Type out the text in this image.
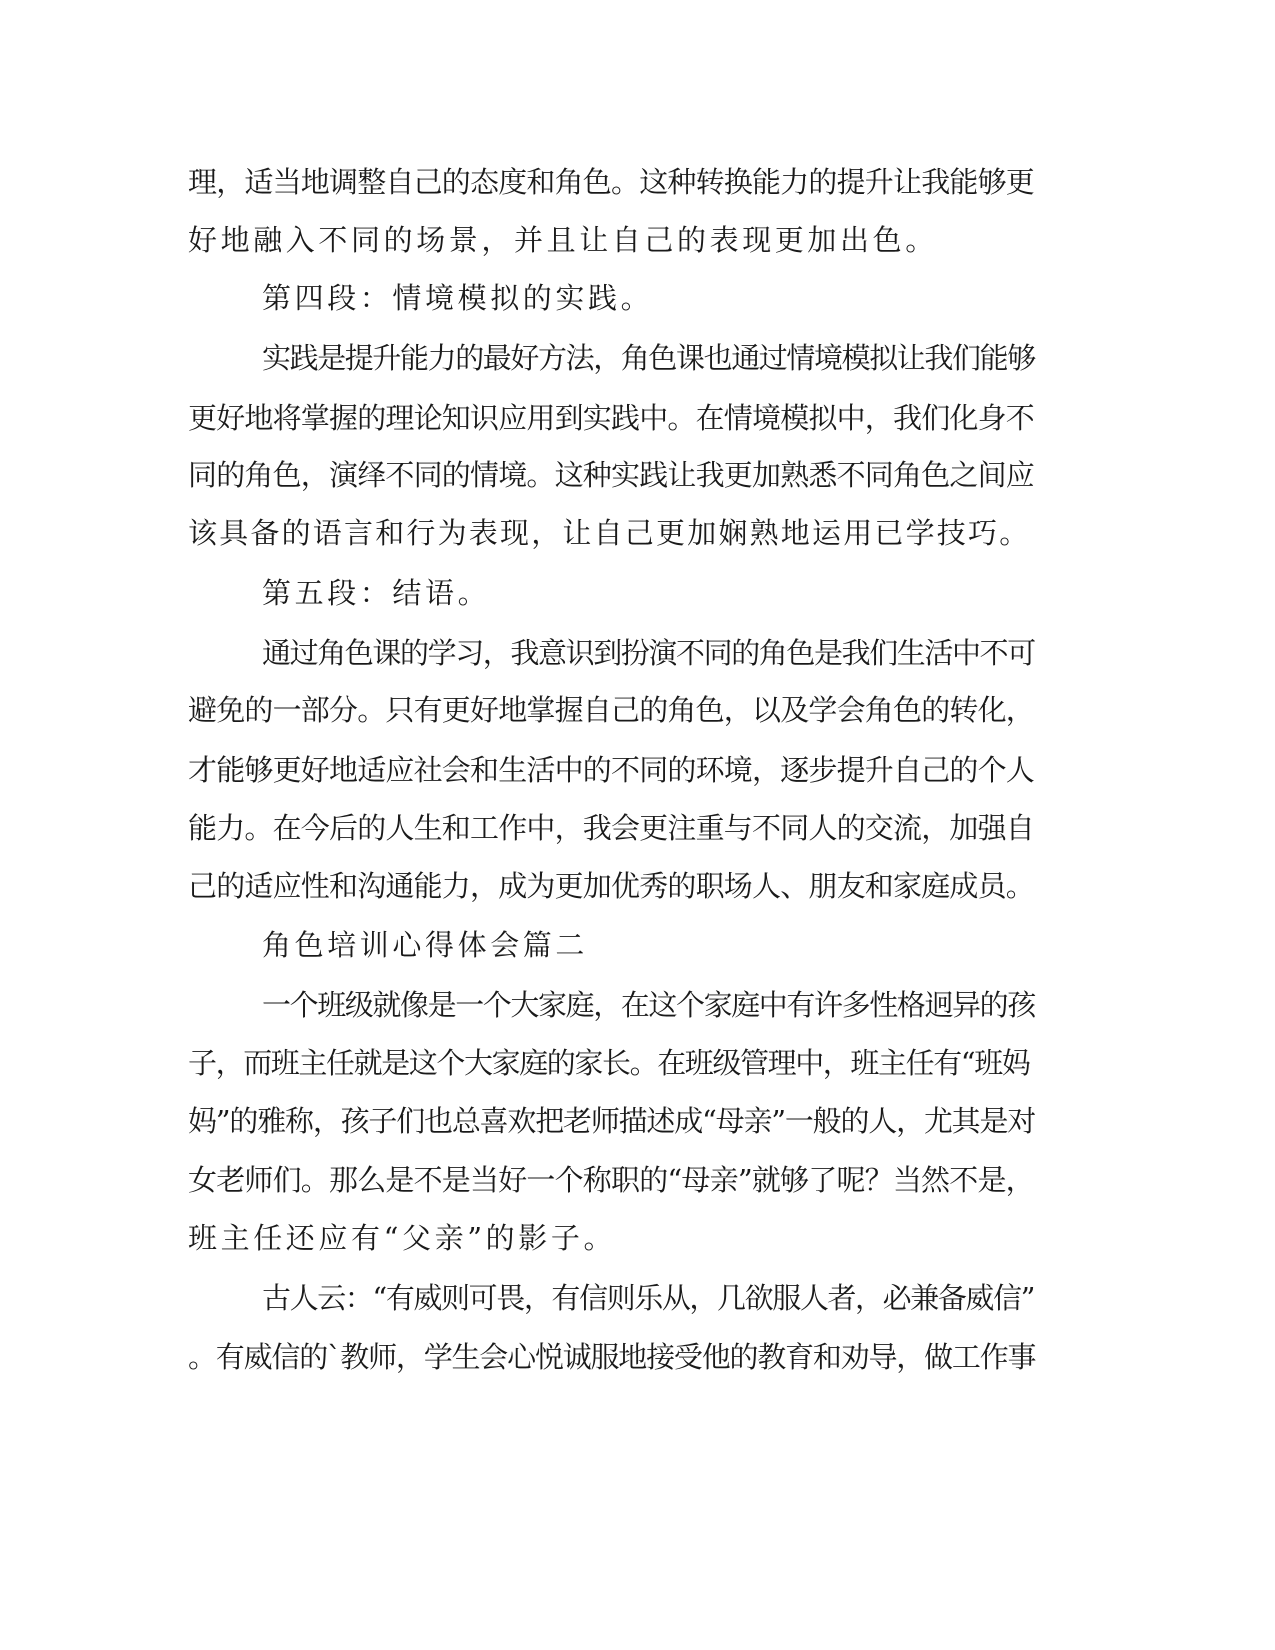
理，适当地调整自己的态度和角色。这种转换能力的提升让我能够更
好地融入不同的场景，并且让自己的表现更加出色。
第四段：情境模拟的实践。
实践是提升能力的最好方法，角色课也通过情境模拟让我们能够
更好地将掌握的理论知识应用到实践中。在情境模拟中，我们化身不
同的角色，演绎不同的情境。这种实践让我更加熟悉不同角色之间应
该具备的语言和行为表现，让自己更加娴熟地运用已学技巧。
第五段：结语。
通过角色课的学习，我意识到扮演不同的角色是我们生活中不可
避免的一部分。只有更好地掌握自己的角色，以及学会角色的转化，
才能够更好地适应社会和生活中的不同的环境，逐步提升自己的个人
能力。在今后的人生和工作中，我会更注重与不同人的交流，加强自
己的适应性和沟通能力，成为更加优秀的职场人、朋友和家庭成员。
角色培训心得体会篇二
一个班级就像是一个大家庭，在这个家庭中有许多性格迥异的孩
子，而班主任就是这个大家庭的家长。在班级管理中，班主任有“班妈
妈”的雅称，孩子们也总喜欢把老师描述成“母亲”一般的人，尤其是对
女老师们。那么是不是当好一个称职的“母亲”就够了呢？当然不是，
班主任还应有“父亲”的影子。
古人云：“有威则可畏，有信则乐从，几欲服人者，必兼备威信”
。有威信的`教师，学生会心悦诚服地接受他的教育和劝导，做工作事
